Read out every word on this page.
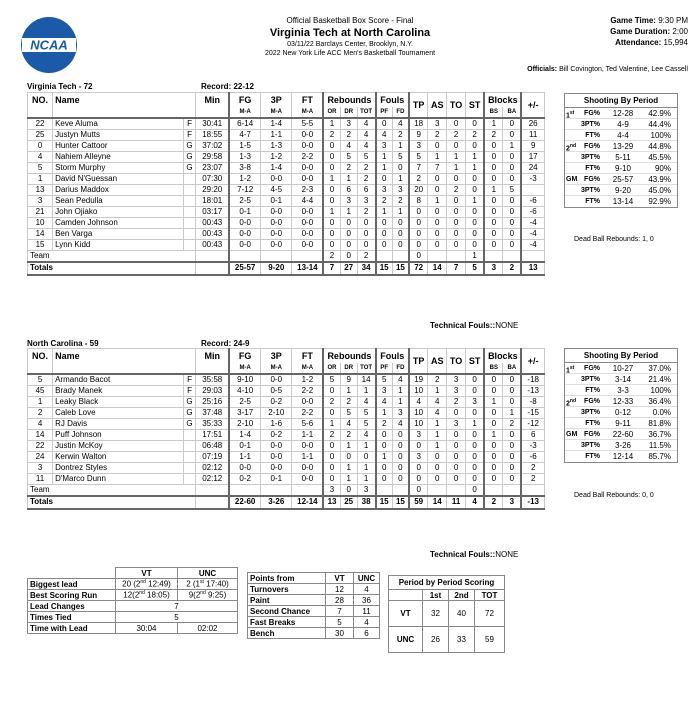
NCAA
Official Basketball Box Score - Final
Virginia Tech at North Carolina
03/11/22 Barclays Center, Brooklyn, N.Y.
2022 New York Life ACC Men's Basketball Tournament
Game Time: 9:30 PM
Game Duration: 2:00
Attendance: 15,994
Officials: Bill Covington, Ted Valentine, Lee Cassell
Virginia Tech - 72	Record: 22-12
NO.	Name		Min	FG	3P	FT	Rebounds			Fouls		TP	AS	TO	ST	Blocks		+/-
				M-A	M-A	M-A	OR	DR	TOT	PF	FD					BS	BA	
22	Keve Aluma	F	30:41	6-14	1-4	5-5	1	3	4	0	4	18	3	0	0	1	0	26
25	Justyn Mutts	F	18:55	4-7	1-1	0-0	2	2	4	4	2	9	2	2	2	2	0	11
0	Hunter Cattoor	G	37:02	1-5	1-3	0-0	0	4	4	3	1	3	0	0	0	0	1	9
4	Nahiem Alleyne	G	29:58	1-3	1-2	2-2	0	5	5	1	5	5	1	1	1	0	0	17
5	Storm Murphy	G	23:07	3-8	1-4	0-0	0	2	2	1	0	7	7	1	1	0	0	24
1	David N'Guessan		07:30	1-2	0-0	0-0	1	1	2	0	1	2	0	0	0	0	0	-3
13	Darius Maddox		29:20	7-12	4-5	2-3	0	6	6	3	3	20	0	2	0	1	5	
3	Sean Pedulla		18:01	2-5	0-1	4-4	0	3	3	2	2	8	1	0	1	0	0	-6
21	John Ojiako		03:17	0-1	0-0	0-0	1	1	2	1	1	0	0	0	0	0	0	-6
10	Camden Johnson		00:43	0-0	0-0	0-0	0	0	0	0	0	0	0	0	0	0	0	-4
14	Ben Varga		00:43	0-0	0-0	0-0	0	0	0	0	0	0	0	0	0	0	0	-4
15	Lynn Kidd		00:43	0-0	0-0	0-0	0	0	0	0	0	0	0	0	0	0	0	-4
Team							2	0	2			0			1			
Totals				25-57	9-20	13-14	7	27	34	15	15	72	14	7	5	3	2	13
Technical Fouls::NONE
Shooting By Period
1st	FG%	12-28	42.9%
3PT%	4-9	44.4%
FT%	4-4	100%
2nd	FG%	13-29	44.8%
3PT%	5-11	45.5%
FT%	9-10	90%
GM FG%	25-57	43.9%
3PT%	9-20	45.0%
FT%	13-14	92.9%
Dead Ball Rebounds: 1, 0
North Carolina - 59	Record: 24-9
NO.	Name		Min	FG	3P	FT	Rebounds			Fouls		TP	AS	TO	ST	Blocks		+/-
				M-A	M-A	M-A	OR	DR	TOT	PF	FD					BS	BA	
5	Armando Bacot	F	35:58	9-10	0-0	1-2	5	9	14	5	4	19	2	3	0	0	0	-18
45	Brady Manek	F	29:03	4-10	0-5	2-2	0	1	1	3	1	10	1	3	0	0	0	-13
1	Leaky Black	G	25:16	2-5	0-2	0-0	2	2	4	4	1	4	4	2	3	1	0	-8
2	Caleb Love	G	37:48	3-17	2-10	2-2	0	5	5	1	3	10	4	0	0	0	1	-15
4	RJ Davis	G	35:33	2-10	1-6	5-6	1	4	5	2	4	10	1	3	1	0	2	-12
14	Puff Johnson		17:51	1-4	0-2	1-1	2	2	4	0	0	3	1	0	0	1	0	6
22	Justin McKoy		06:48	0-1	0-0	0-0	0	1	1	0	0	0	1	0	0	0	0	-3
24	Kerwin Walton		07:19	1-1	0-0	1-1	0	0	0	1	0	3	0	0	0	0	0	-6
3	Dontrez Styles		02:12	0-0	0-0	0-0	0	1	1	0	0	0	0	0	0	0	0	2
11	D'Marco Dunn		02:12	0-2	0-1	0-0	0	1	1	0	0	0	0	0	0	0	0	2
Team							3	0	3			0			0			
Totals				22-60	3-26	12-14	13	25	38	15	15	59	14	11	4	2	3	-13
Technical Fouls::NONE
Shooting By Period
1st	FG%	10-27	37.0%
3PT%	3-14	21.4%
FT%	3-3	100%
2nd	FG%	12-33	36.4%
3PT%	0-12	0.0%
FT%	9-11	81.8%
GM FG%	22-60	36.7%
3PT%	3-26	11.5%
FT%	12-14	85.7%
Dead Ball Rebounds: 0, 0
	VT	UNC
Biggest lead	20 (2nd 12:49)	2 (1st 17:40)
Best Scoring Run	12(2nd 18:05)	9(2nd 9:25)
Lead Changes	7	
Times Tied	5	
Time with Lead	30:04	02:02
Points from	VT	UNC
Turnovers	12	4
Paint	28	36
Second Chance	7	11
Fast Breaks	5	4
Bench	30	6
Period by Period Scoring			
	1st	2nd	TOT
VT	32	40	72
UNC	26	33	59
